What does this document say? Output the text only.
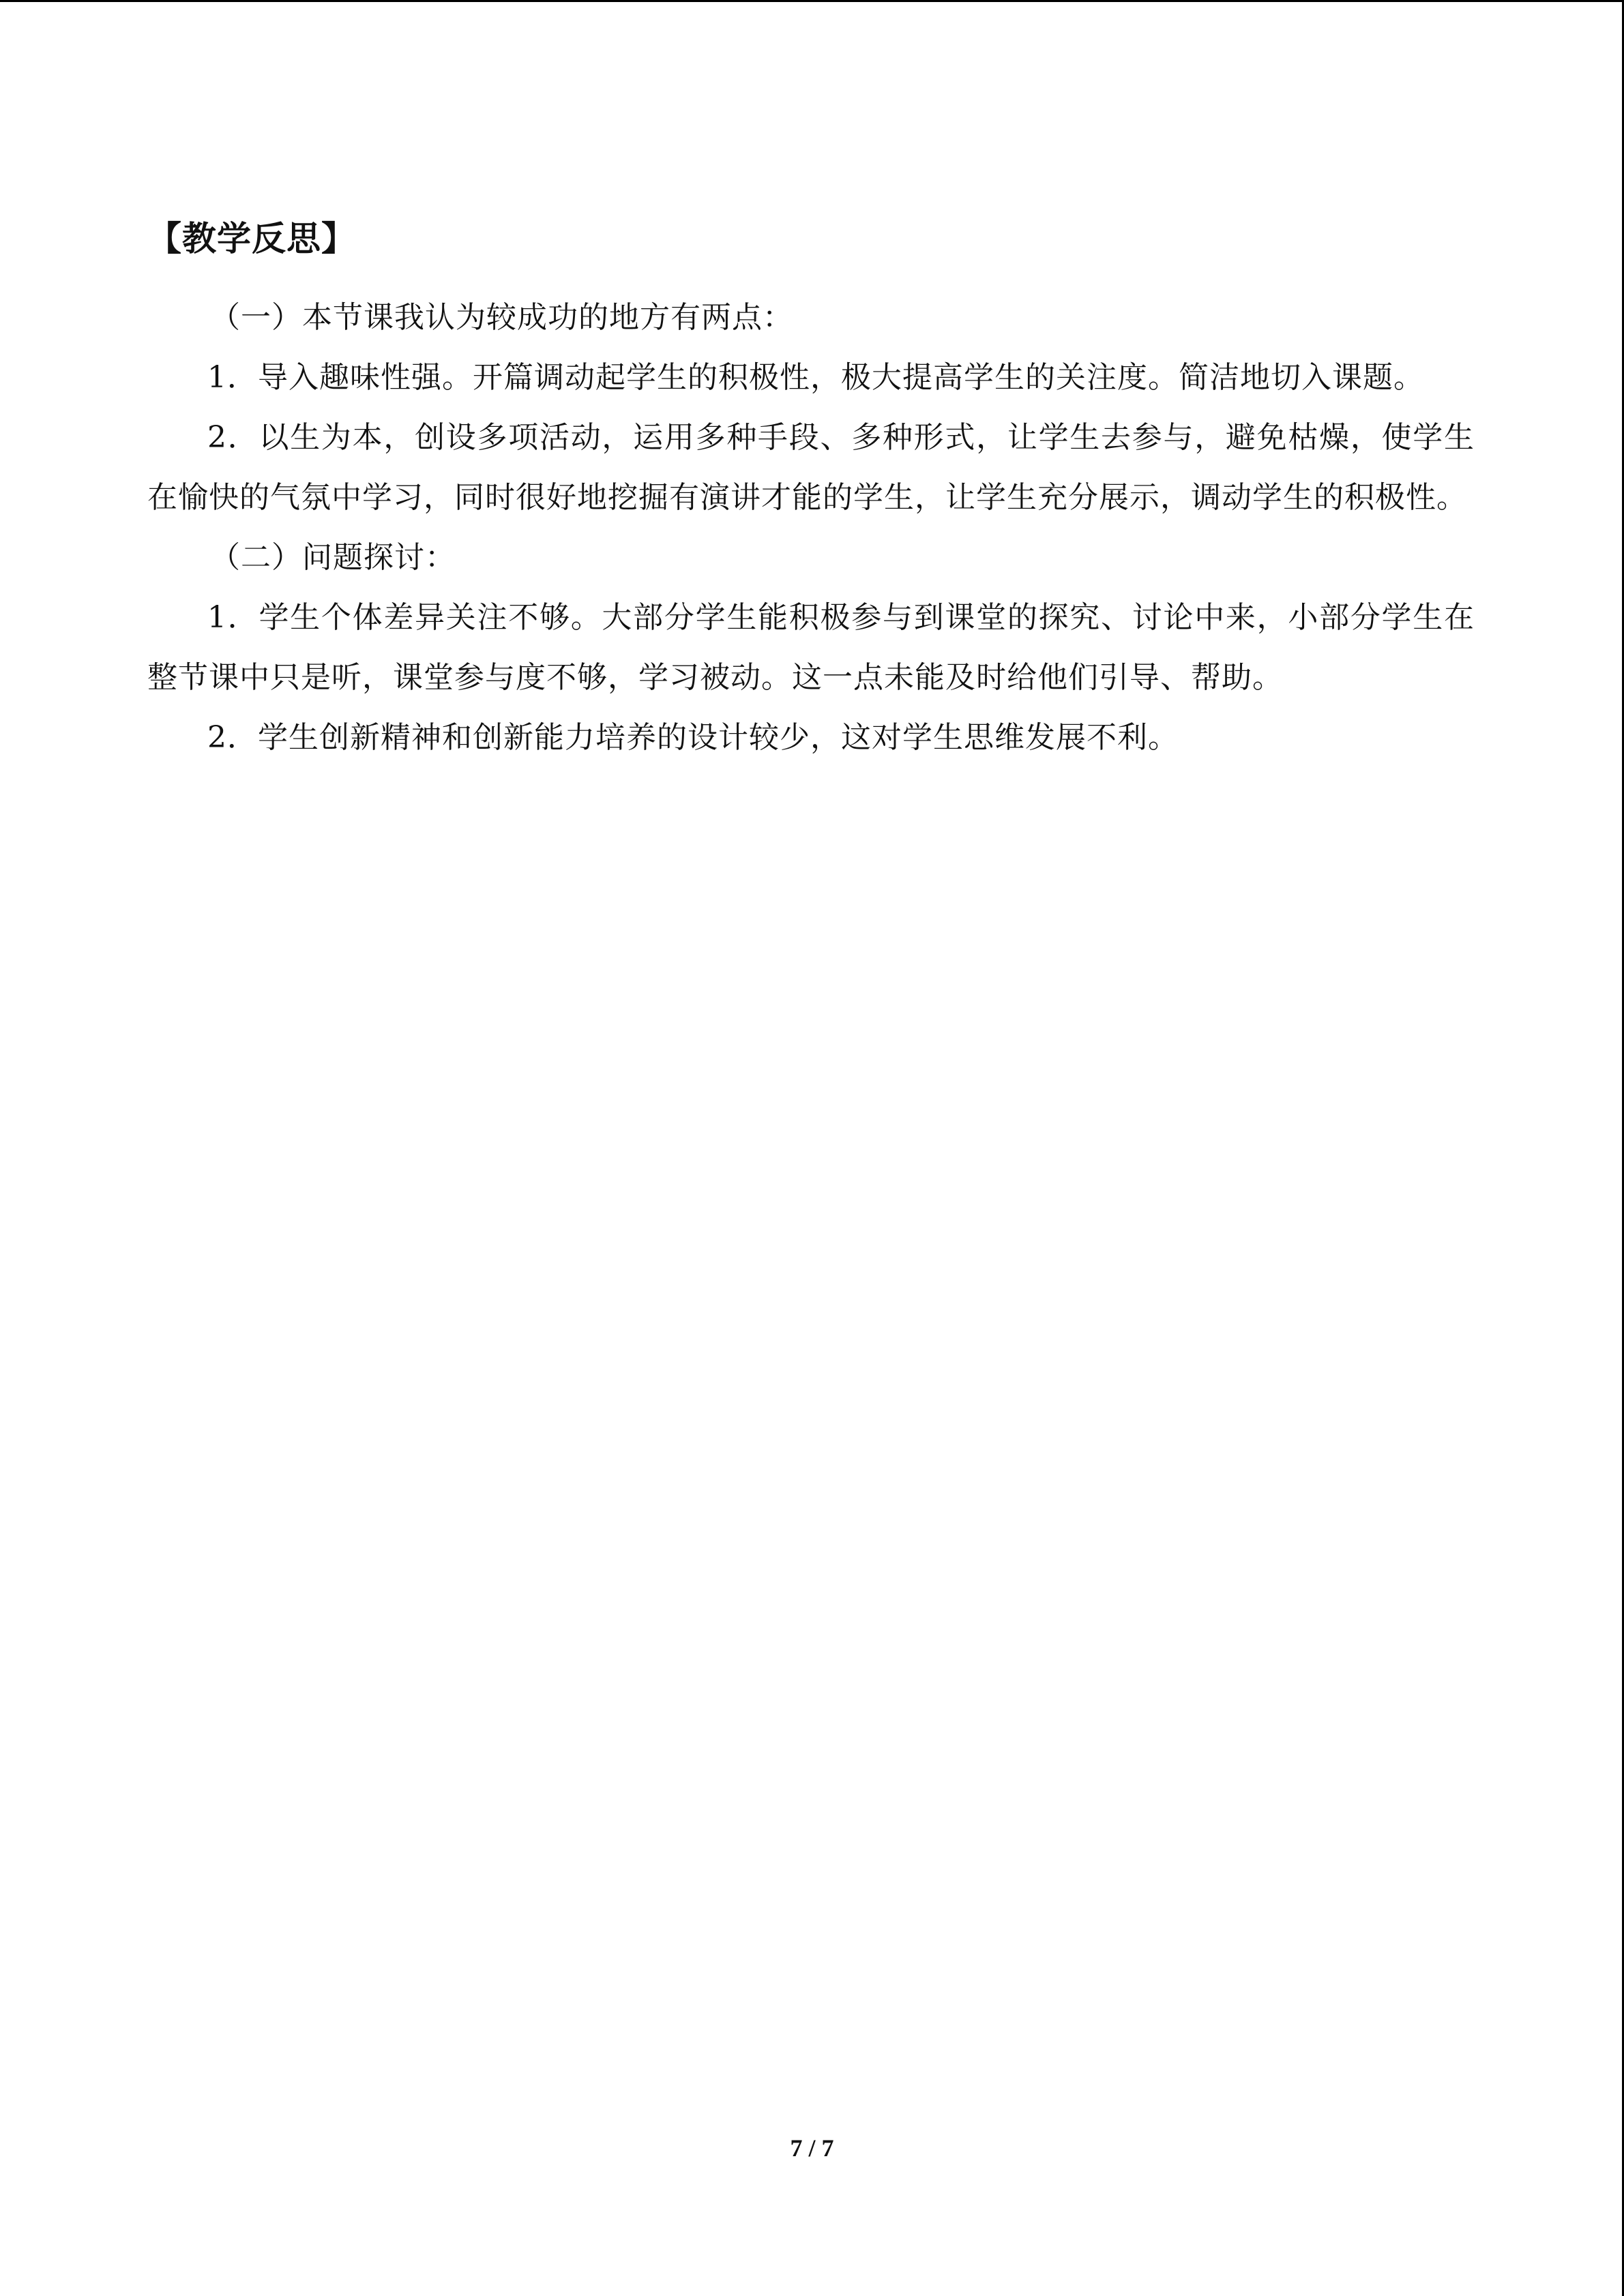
【教学反思】

（一）本节课我认为较成功的地方有两点：

1．导入趣味性强。开篇调动起学生的积极性，极大提高学生的关注度。简洁地切入课题。

2．以生为本，创设多项活动，运用多种手段、多种形式，让学生去参与，避免枯燥，使学生在愉快的气氛中学习，同时很好地挖掘有演讲才能的学生，让学生充分展示，调动学生的积极性。

（二）问题探讨：

1．学生个体差异关注不够。大部分学生能积极参与到课堂的探究、讨论中来，小部分学生在整节课中只是听，课堂参与度不够，学习被动。这一点未能及时给他们引导、帮助。

2．学生创新精神和创新能力培养的设计较少，这对学生思维发展不利。

7 / 7
